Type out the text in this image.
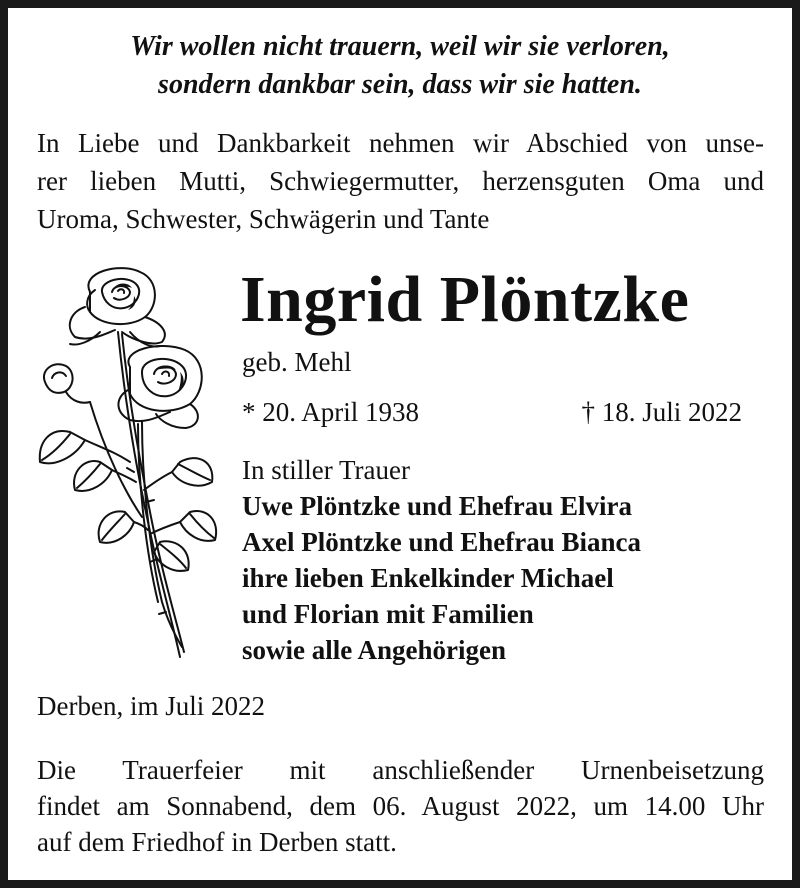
Wir wollen nicht trauern, weil wir sie verloren,
sondern dankbar sein, dass wir sie hatten.
In Liebe und Dankbarkeit nehmen wir Abschied von unse-
rer lieben Mutti, Schwiegermutter, herzensguten Oma und
Uroma, Schwester, Schwägerin und Tante
Ingrid Plöntzke
geb. Mehl
* 20. April 1938	† 18. Juli 2022
In stiller Trauer
Uwe Plöntzke und Ehefrau Elvira
Axel Plöntzke und Ehefrau Bianca
ihre lieben Enkelkinder Michael
und Florian mit Familien
sowie alle Angehörigen
Derben, im Juli 2022
Die Trauerfeier mit anschließender Urnenbeisetzung
findet am Sonnabend, dem 06. August 2022, um 14.00 Uhr
auf dem Friedhof in Derben statt.
